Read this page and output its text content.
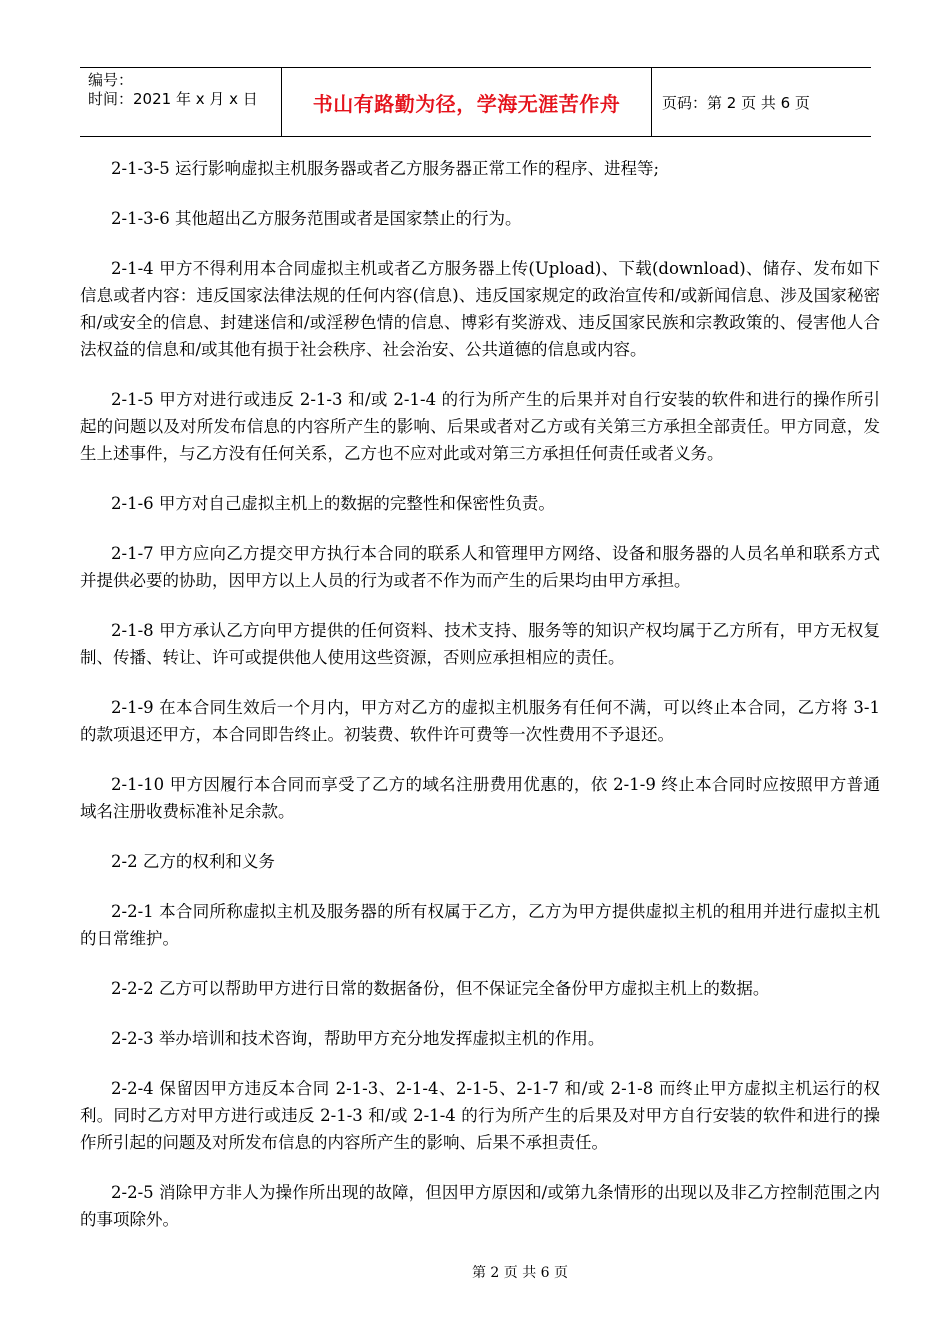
编号：
时间：2021 年 x 月 x 日	书山有路勤为径，学海无涯苦作舟	页码：第 2 页 共 6 页

2-1-3-5 运行影响虚拟主机服务器或者乙方服务器正常工作的程序、进程等;

2-1-3-6 其他超出乙方服务范围或者是国家禁止的行为。

2-1-4 甲方不得利用本合同虚拟主机或者乙方服务器上传(Upload)、下载(download)、储存、发布如下信息或者内容：违反国家法律法规的任何内容(信息)、违反国家规定的政治宣传和/或新闻信息、涉及国家秘密和/或安全的信息、封建迷信和/或淫秽色情的信息、博彩有奖游戏、违反国家民族和宗教政策的、侵害他人合法权益的信息和/或其他有损于社会秩序、社会治安、公共道德的信息或内容。

2-1-5 甲方对进行或违反 2-1-3 和/或 2-1-4 的行为所产生的后果并对自行安装的软件和进行的操作所引起的问题以及对所发布信息的内容所产生的影响、后果或者对乙方或有关第三方承担全部责任。甲方同意，发生上述事件，与乙方没有任何关系，乙方也不应对此或对第三方承担任何责任或者义务。

2-1-6 甲方对自己虚拟主机上的数据的完整性和保密性负责。

2-1-7 甲方应向乙方提交甲方执行本合同的联系人和管理甲方网络、设备和服务器的人员名单和联系方式并提供必要的协助，因甲方以上人员的行为或者不作为而产生的后果均由甲方承担。

2-1-8 甲方承认乙方向甲方提供的任何资料、技术支持、服务等的知识产权均属于乙方所有，甲方无权复制、传播、转让、许可或提供他人使用这些资源，否则应承担相应的责任。

2-1-9 在本合同生效后一个月内，甲方对乙方的虚拟主机服务有任何不满，可以终止本合同，乙方将 3-1 的款项退还甲方，本合同即告终止。初装费、软件许可费等一次性费用不予退还。

2-1-10 甲方因履行本合同而享受了乙方的域名注册费用优惠的，依 2-1-9 终止本合同时应按照甲方普通域名注册收费标准补足余款。

2-2 乙方的权利和义务

2-2-1 本合同所称虚拟主机及服务器的所有权属于乙方，乙方为甲方提供虚拟主机的租用并进行虚拟主机的日常维护。

2-2-2 乙方可以帮助甲方进行日常的数据备份，但不保证完全备份甲方虚拟主机上的数据。

2-2-3 举办培训和技术咨询，帮助甲方充分地发挥虚拟主机的作用。

2-2-4 保留因甲方违反本合同 2-1-3、2-1-4、2-1-5、2-1-7 和/或 2-1-8 而终止甲方虚拟主机运行的权利。同时乙方对甲方进行或违反 2-1-3 和/或 2-1-4 的行为所产生的后果及对甲方自行安装的软件和进行的操作所引起的问题及对所发布信息的内容所产生的影响、后果不承担责任。

2-2-5 消除甲方非人为操作所出现的故障，但因甲方原因和/或第九条情形的出现以及非乙方控制范围之内的事项除外。

第 2 页 共 6 页
